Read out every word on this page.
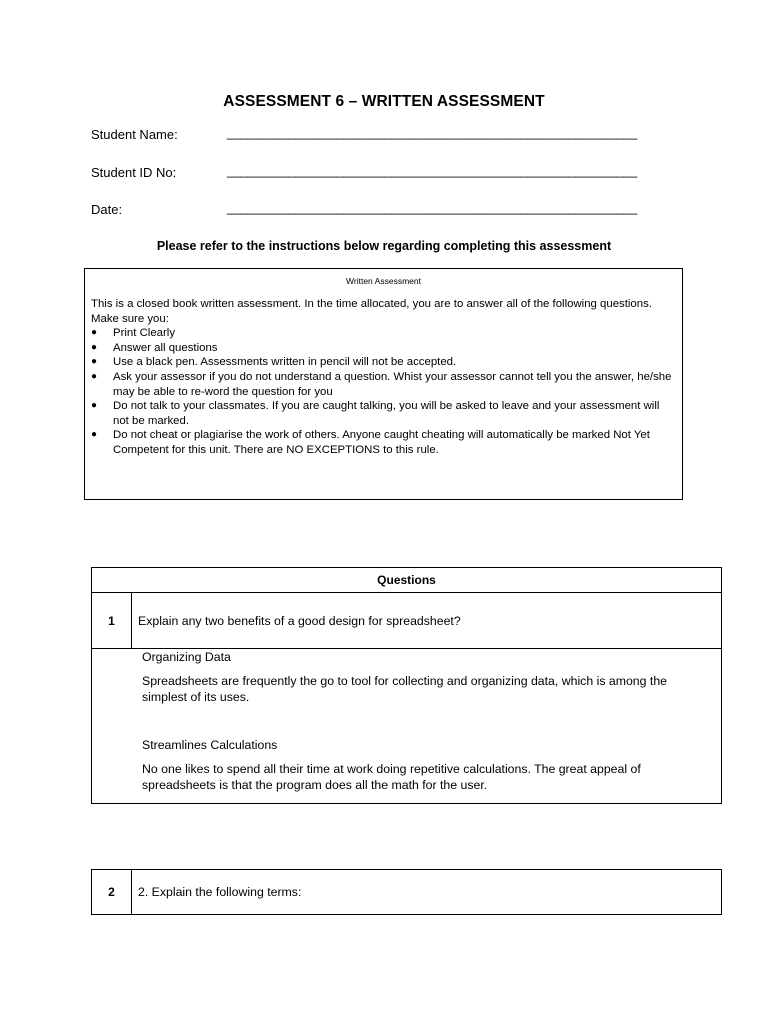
ASSESSMENT 6 – WRITTEN ASSESSMENT
Student Name:	____________________________________________________________
Student ID No:	____________________________________________________________
Date:	____________________________________________________________
Please refer to the instructions below regarding completing this assessment
Written Assessment

This is a closed book written assessment. In the time allocated, you are to answer all of the following questions. Make sure you:

● Print Clearly
● Answer all questions
● Use a black pen. Assessments written in pencil will not be accepted.
● Ask your assessor if you do not understand a question. Whist your assessor cannot tell you the answer, he/she may be able to re-word the question for you
● Do not talk to your classmates. If you are caught talking, you will be asked to leave and your assessment will not be marked.
● Do not cheat or plagiarise the work of others. Anyone caught cheating will automatically be marked Not Yet Competent for this unit. There are NO EXCEPTIONS to this rule.
Questions
1	Explain any two benefits of a good design for spreadsheet?

Organizing Data

Spreadsheets are frequently the go to tool for collecting and organizing data, which is among the simplest of its uses.

Streamlines Calculations

No one likes to spend all their time at work doing repetitive calculations. The great appeal of spreadsheets is that the program does all the math for the user.

2	2. Explain the following terms:
